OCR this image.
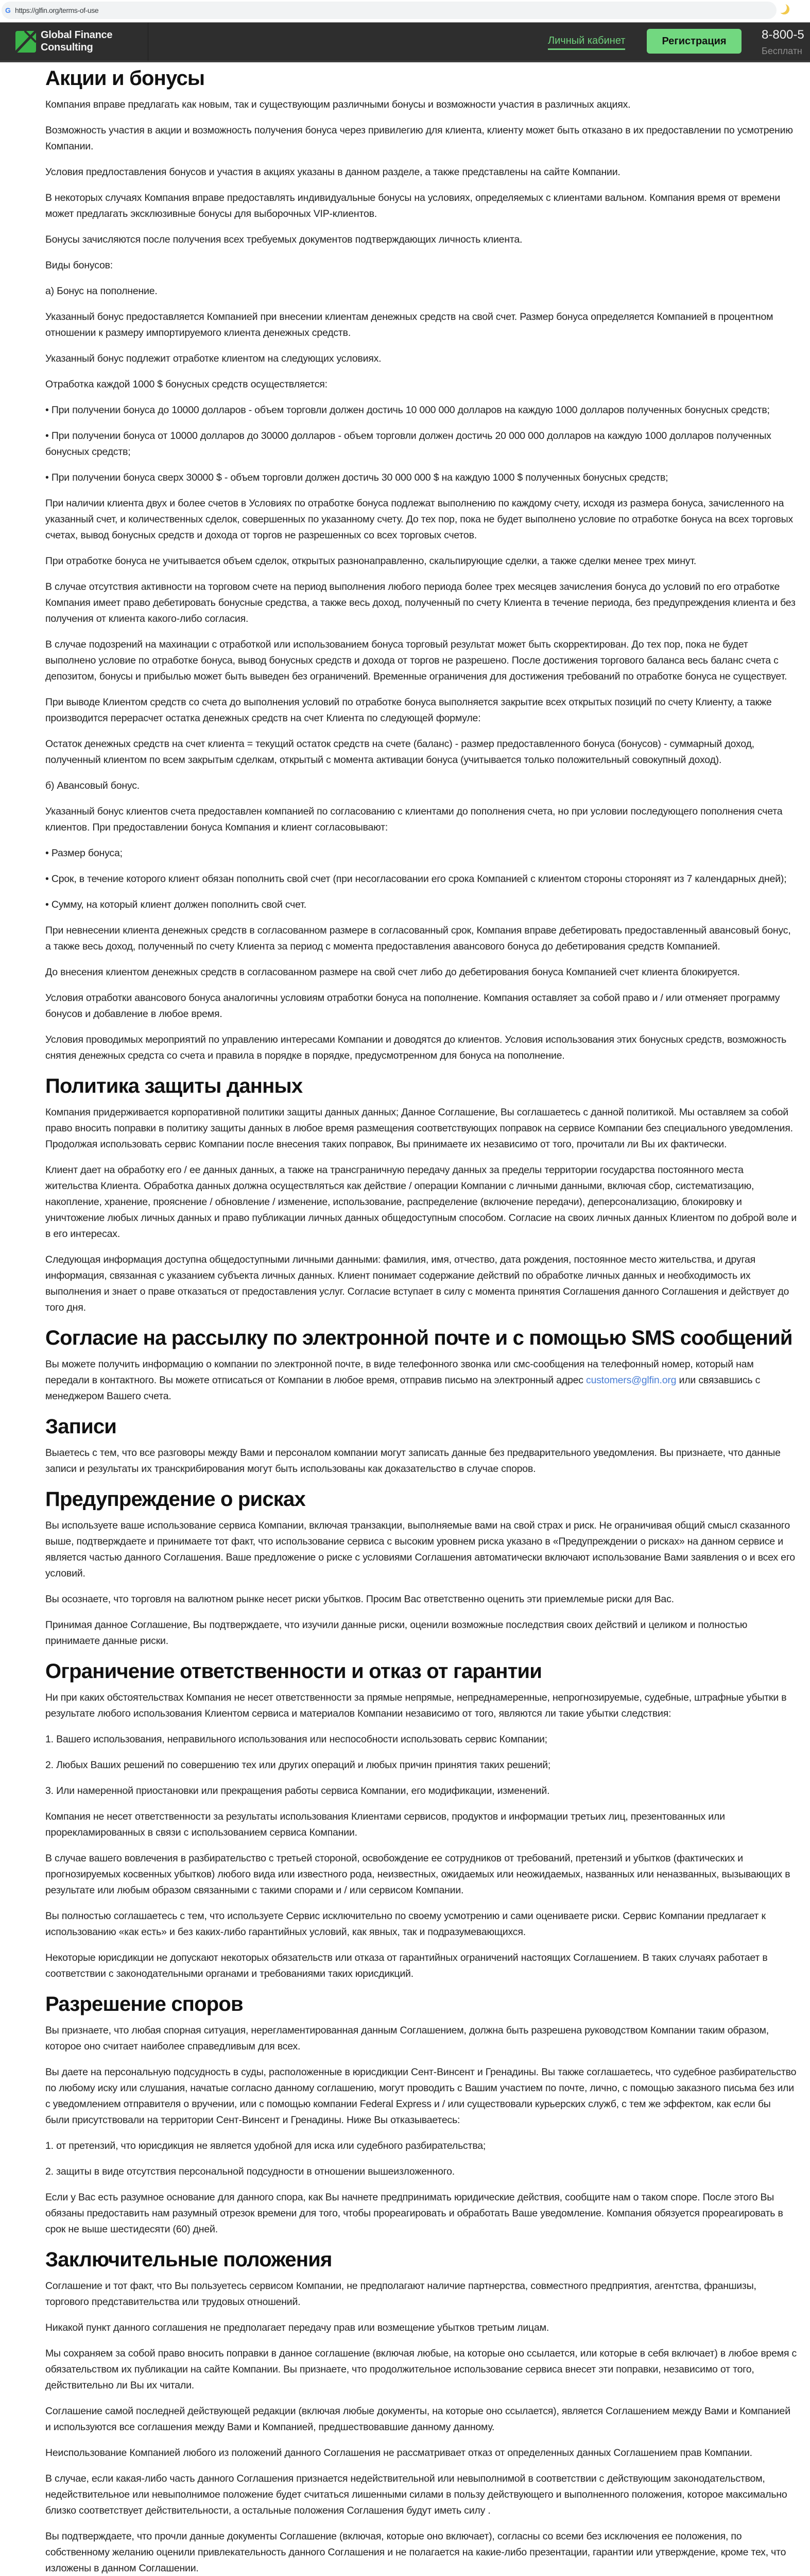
G https://glfin.org/terms-of-use
Global Finance
Consulting
Личный кабинет	Регистрация	8-800-5
Бесплатн
Акции и бонусы

Компания вправе предлагать как новым, так и существующим различными бонусы и возможности участия в различных акциях.

Возможность участия в акции и возможность получения бонуса через привилегию для клиента, клиенту может быть отказано в их предоставлении по усмотрению Компании.

Условия предлоставления бонусов и участия в акциях указаны в данном разделе, а также представлены на сайте Компании.

В некоторых случаях Компания вправе предоставлять индивидуальные бонусы на условиях, определяемых с клиентами вальном. Компания время от времени может предлагать эксклюзивные бонусы для выборочных VIP-клиентов.

Бонусы зачисляются после получения всех требуемых документов подтверждающих личность клиента.

Виды бонусов:

а) Бонус на пополнение.

Указанный бонус предоставляется Компанией при внесении клиентам денежных средств на свой счет. Размер бонуса определяется Компанией в процентном отношении к размеру импортируемого клиента денежных средств.

Указанный бонус подлежит отработке клиентом на следующих условиях.

Отработка каждой 1000 $ бонусных средств осуществляется:

• При получении бонуса до 10000 долларов - объем торговли должен достичь 10 000 000 долларов на каждую 1000 долларов полученных бонусных средств;

• При получении бонуса от 10000 долларов до 30000 долларов - объем торговли должен достичь 20 000 000 долларов на каждую 1000 долларов полученных бонусных средств;

• При получении бонуса сверх 30000 $ - объем торговли должен достичь 30 000 000 $ на каждую 1000 $ полученных бонусных средств;

При наличии клиента двух и более счетов в Условиях по отработке бонуса подлежат выполнению по каждому счету, исходя из размера бонуса, зачисленного на указанный счет, и количественных сделок, совершенных по указанному счету. До тех пор, пока не будет выполнено условие по отработке бонуса на всех торговых счетах, вывод бонусных средств и дохода от торгов не разрешенных со всех торговых счетов.

При отработке бонуса не учитывается объем сделок, открытых разнонаправленно, скальпирующие сделки, а также сделки менее трех минут.

В случае отсутствия активности на торговом счете на период выполнения любого периода более трех месяцев зачисления бонуса до условий по его отработке Компания имеет право дебетировать бонусные средства, а также весь доход, полученный по счету Клиента в течение периода, без предупреждения клиента и без получения от клиента какого-либо согласия.

В случае подозрений на махинации с отработкой или использованием бонуса торговый результат может быть скорректирован. До тех пор, пока не будет выполнено условие по отработке бонуса, вывод бонусных средств и дохода от торгов не разрешено. После достижения торгового баланса весь баланс счета с депозитом, бонусы и прибылью может быть выведен без ограничений. Временные ограничения для достижения требований по отработке бонуса не существует.

При выводе Клиентом средств со счета до выполнения условий по отработке бонуса выполняется закрытие всех открытых позиций по счету Клиенту, а также производится перерасчет остатка денежных средств на счет Клиента по следующей формуле:

Остаток денежных средств на счет клиента = текущий остаток средств на счете (баланс) - размер предоставленного бонуса (бонусов) - суммарный доход, полученный клиентом по всем закрытым сделкам, открытый с момента активации бонуса (учитывается только положительный совокупный доход).

б) Авансовый бонус.

Указанный бонус клиентов счета предоставлен компанией по согласованию с клиентами до пополнения счета, но при условии последующего пополнения счета клиентов. При предоставлении бонуса Компания и клиент согласовывают:

• Размер бонуса;

• Срок, в течение которого клиент обязан пополнить свой счет (при несогласовании его срока Компанией с клиентом стороны стороняят из 7 календарных дней);

• Сумму, на который клиент должен пополнить свой счет.

При невнесении клиента денежных средств в согласованном размере в согласованный срок, Компания вправе дебетировать предоставленный авансовый бонус, а также весь доход, полученный по счету Клиента за период с момента предоставления авансового бонуса до дебетирования средств Компанией.

До внесения клиентом денежных средств в согласованном размере на свой счет либо до дебетирования бонуса Компанией счет клиента блокируется.

Условия отработки авансового бонуса аналогичны условиям отработки бонуса на пополнение. Компания оставляет за собой право и / или отменяет программу бонусов и добавление в любое время.

Условия проводимых мероприятий по управлению интересами Компании и доводятся до клиентов. Условия использования этих бонусных средств, возможность снятия денежных средста со счета и правила в порядке в порядке, предусмотренном для бонуса на пополнение.

Политика защиты данных

Компания придерживается корпоративной политики защиты данных данных; Данное Соглашение, Вы соглашаетесь с данной политикой. Мы оставляем за собой право вносить поправки в политику защиты данных в любое время размещения соответствующих поправок на сервисе Компании без специального уведомления. Продолжая использовать сервис Компании после внесения таких поправок, Вы принимаете их независимо от того, прочитали ли Вы их фактически.

Клиент дает на обработку его / ее данных данных, а также на трансграничную передачу данных за пределы территории государства постоянного места жительства Клиента. Обработка данных должна осуществляться как действие / операции Компании с личными данными, включая сбор, систематизацию, накопление, хранение, прояснение / обновление / изменение, использование, распределение (включение передачи), деперсонализацию, блокировку и уничтожение любых личных данных и право публикации личных данных общедоступным способом. Согласие на своих личных данных Клиентом по доброй воле и в его интересах.

Следующая информация доступна общедоступными личными данными: фамилия, имя, отчество, дата рождения, постоянное место жительства, и другая информация, связанная с указанием субъекта личных данных. Клиент понимает содержание действий по обработке личных данных и необходимость их выполнения и знает о праве отказаться от предоставления услуг. Согласие вступает в силу с момента принятия Соглашения данного Соглашения и действует до того дня.

Согласие на рассылку по электронной почте и с помощью SMS сообщений

Вы можете получить информацию о компании по электронной почте, в виде телефонного звонка или смс-сообщения на телефонный номер, который нам передали в контактного. Вы можете отписаться от Компании в любое время, отправив письмо на электронный адрес customers@glfin.org или связавшись с менеджером Вашего счета.

Записи

Выаетесь с тем, что все разговоры между Вами и персоналом компании могут записать данные без предварительного уведомления. Вы признаете, что данные записи и результаты их транскрибирования могут быть использованы как доказательство в случае споров.

Предупреждение о рисках

Вы используете ваше использование сервиса Компании, включая транзакции, выполняемые вами на свой страх и риск. Не ограничивая общий смысл сказанного выше, подтверждаете и принимаете тот факт, что использование сервиса с высоким уровнем риска указано в «Предупреждении о рисках» на данном сервисе и является частью данного Соглашения. Ваше предложение о риске с условиями Соглашения автоматически включают использование Вами заявления о и всех его условий.

Вы осознаете, что торговля на валютном рынке несет риски убытков. Просим Вас ответственно оценить эти приемлемые риски для Вас.

Принимая данное Соглашение, Вы подтверждаете, что изучили данные риски, оценили возможные последствия своих действий и целиком и полностью принимаете данные риски.

Ограничение ответственности и отказ от гарантии

Ни при каких обстоятельствах Компания не несет ответственности за прямые непрямые, непреднамеренные, непрогнозируемые, судебные, штрафные убытки в результате любого использования Клиентом сервиса и материалов Компании независимо от того, являются ли такие убытки следствия:

1. Вашего использования, неправильного использования или неспособности использовать сервис Компании;

2. Любых Ваших решений по совершению тех или других операций и любых причин принятия таких решений;

3. Или намеренной приостановки или прекращения работы сервиса Компании, его модификации, изменений.

Компания не несет ответственности за результаты использования Клиентами сервисов, продуктов и информации третьих лиц, презентованных или прорекламированных в связи с использованием сервиса Компании.

В случае вашего вовлечения в разбирательство с третьей стороной, освобождение ее сотрудников от требований, претензий и убытков (фактических и прогнозируемых косвенных убытков) любого вида или известного рода, неизвестных, ожидаемых или неожидаемых, названных или неназванных, вызывающих в результате или любым образом связанными с такими спорами и / или сервисом Компании.

Вы полностью соглашаетесь с тем, что используете Сервис исключительно по своему усмотрению и сами оцениваете риски. Сервис Компании предлагает к использованию «как есть» и без каких-либо гарантийных условий, как явных, так и подразумевающихся.

Некоторые юрисдикции не допускают некоторых обязательств или отказа от гарантийных ограничений настоящих Соглашением. В таких случаях работает в соответствии с законодательными органами и требованиями таких юрисдикций.

Разрешение споров

Вы признаете, что любая спорная ситуация, нерегламентированная данным Соглашением, должна быть разрешена руководством Компании таким образом, которое оно считает наиболее справедливым для всех.

Вы даете на персональную подсудность в суды, расположенные в юрисдикции Сент-Винсент и Гренадины. Вы также соглашаетесь, что судебное разбирательство по любому иску или слушания, начатые согласно данному соглашению, могут проводить с Вашим участием по почте, лично, с помощью заказного письма без или с уведомлением отправителя о вручении, или с помощью компании Federal Express и / или существовали курьерских служб, с тем же эффектом, как если бы были присутствовали на территории Сент-Винсент и Гренадины. Ниже Вы отказываетесь:

1. от претензий, что юрисдикция не является удобной для иска или судебного разбирательства;

2. защиты в виде отсутствия персональной подсудности в отношении вышеизложенного.

Если у Вас есть разумное основание для данного спора, как Вы начнете предпринимать юридические действия, сообщите нам о таком споре. После этого Вы обязаны предоставить нам разумный отрезок времени для того, чтобы прореагировать и обработать Ваше уведомление. Компания обязуется прореагировать в срок не выше шестидесяти (60) дней.

Заключительные положения

Соглашение и тот факт, что Вы пользуетесь сервисом Компании, не предполагают наличие партнерства, совместного предприятия, агентства, франшизы, торгового представительства или трудовых отношений.

Никакой пункт данного соглашения не предполагает передачу прав или возмещение убытков третьим лицам.

Мы сохраняем за собой право вносить поправки в данное соглашение (включая любые, на которые оно ссылается, или которые в себя включает) в любое время с обязательством их публикации на сайте Компании. Вы признаете, что продолжительное использование сервиса внесет эти поправки, независимо от того, действительно ли Вы их читали.

Соглашение самой последней действующей редакции (включая любые документы, на которые оно ссылается), является Соглашением между Вами и Компанией и используются все соглашения между Вами и Компанией, предшествовавшие данному данному.

Неиспользование Компанией любого из положений данного Соглашения не рассматривает отказ от определенных данных Соглашением прав Компании.

В случае, если какая-либо часть данного Соглашения признается недействительной или невыполнимой в соответствии с действующим законодательством, недействительное или невыполнимое положение будет считаться лишенными силами в пользу действующего и выполненного положения, которое максимально близко соответствует действительности, а остальные положения Соглашения будут иметь силу .

Вы подтверждаете, что прочли данные документы Соглашение (включая, которые оно включает), согласны со всеми без исключения ее положения, по собственному желанию оценили привлекательность данного Соглашения и не полагается на какие-либо презентации, гарантии или утверждение, кроме тех, что изложены в данном Соглашении.
